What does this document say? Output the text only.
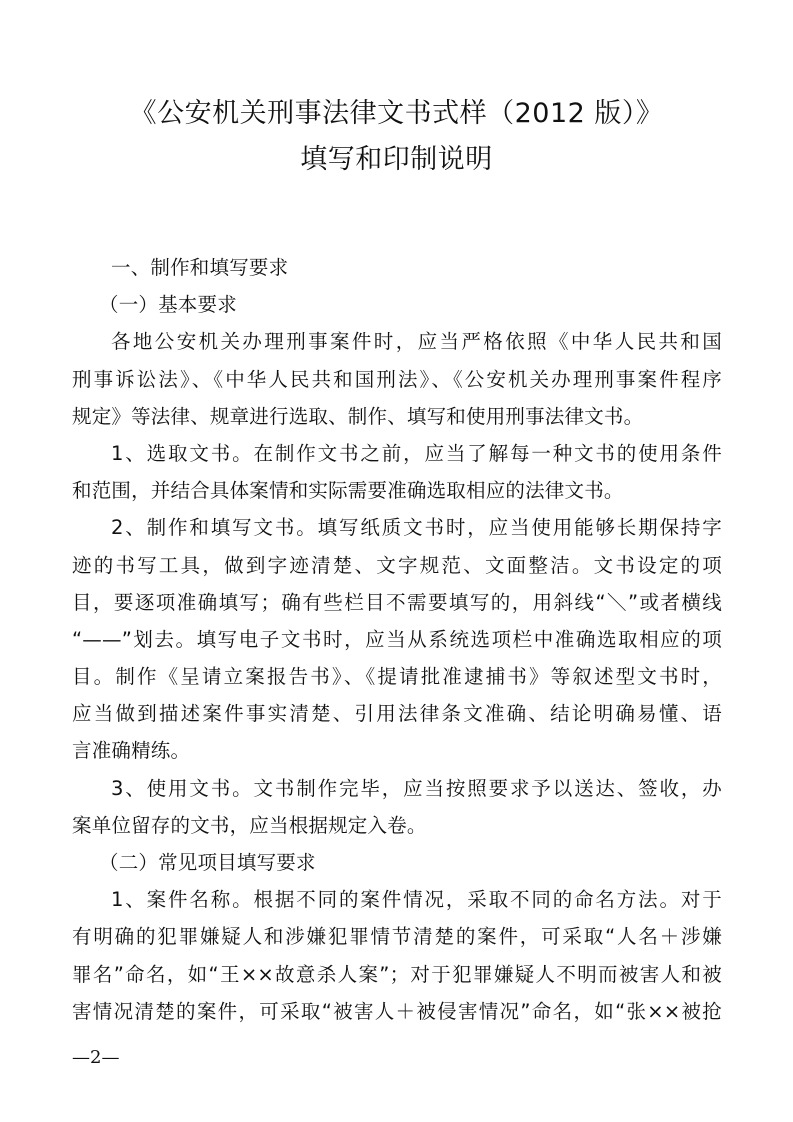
《公安机关刑事法律文书式样（2012 版）》
填写和印制说明
一、制作和填写要求
（一）基本要求
各地公安机关办理刑事案件时，应当严格依照《中华人民共和国
刑事诉讼法》、《中华人民共和国刑法》、《公安机关办理刑事案件程序
规定》等法律、规章进行选取、制作、填写和使用刑事法律文书。
1、选取文书。在制作文书之前，应当了解每一种文书的使用条件
和范围，并结合具体案情和实际需要准确选取相应的法律文书。
2、制作和填写文书。填写纸质文书时，应当使用能够长期保持字
迹的书写工具，做到字迹清楚、文字规范、文面整洁。文书设定的项
目，要逐项准确填写；确有些栏目不需要填写的，用斜线“＼”或者横线
“——”划去。填写电子文书时，应当从系统选项栏中准确选取相应的项
目。制作《呈请立案报告书》、《提请批准逮捕书》等叙述型文书时，
应当做到描述案件事实清楚、引用法律条文准确、结论明确易懂、语
言准确精练。
3、使用文书。文书制作完毕，应当按照要求予以送达、签收，办
案单位留存的文书，应当根据规定入卷。
（二）常见项目填写要求
1、案件名称。根据不同的案件情况，采取不同的命名方法。对于
有明确的犯罪嫌疑人和涉嫌犯罪情节清楚的案件，可采取“人名＋涉嫌
罪名”命名，如“王××故意杀人案”；对于犯罪嫌疑人不明而被害人和被
害情况清楚的案件，可采取“被害人＋被侵害情况”命名，如“张××被抢
—2—
